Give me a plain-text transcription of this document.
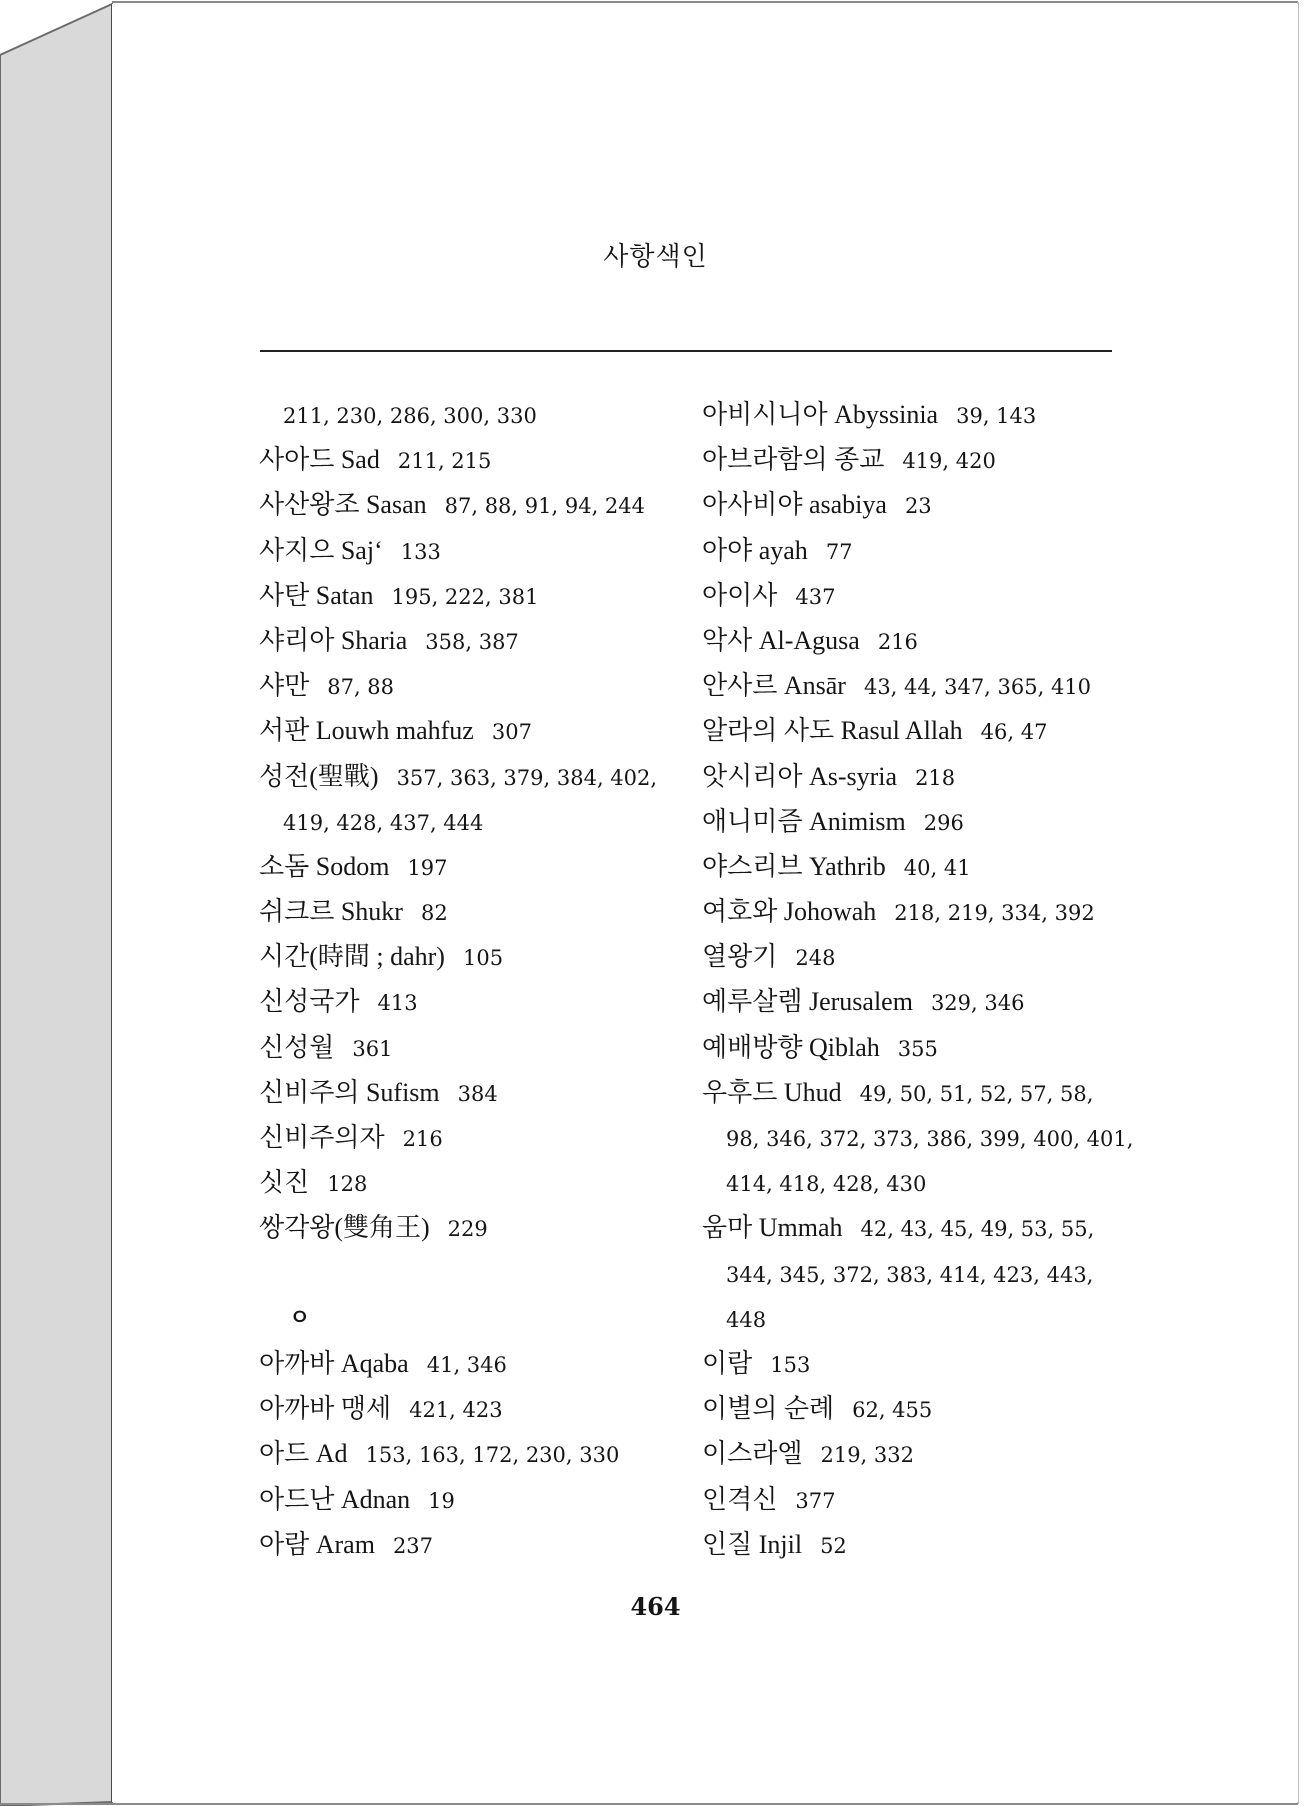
사항색인
211, 230, 286, 300, 330
사아드 Sad 211, 215
사산왕조 Sasan 87, 88, 91, 94, 244
사지으 Saj‘ 133
사탄 Satan 195, 222, 381
샤리아 Sharia 358, 387
샤만 87, 88
서판 Louwh mahfuz 307
성전(聖戰) 357, 363, 379, 384, 402,
419, 428, 437, 444
소돔 Sodom 197
쉬크르 Shukr 82
시간(時間 ; dahr) 105
신성국가 413
신성월 361
신비주의 Sufism 384
신비주의자 216
싯진 128
쌍각왕(雙角王) 229
ㅇ
아까바 Aqaba 41, 346
아까바 맹세 421, 423
아드 Ad 153, 163, 172, 230, 330
아드난 Adnan 19
아람 Aram 237
아비시니아 Abyssinia 39, 143
아브라함의 종교 419, 420
아사비야 asabiya 23
아야 ayah 77
아이사 437
악사 Al-Agusa 216
안사르 Ansār 43, 44, 347, 365, 410
알라의 사도 Rasul Allah 46, 47
앗시리아 As-syria 218
애니미즘 Animism 296
야스리브 Yathrib 40, 41
여호와 Johowah 218, 219, 334, 392
열왕기 248
예루살렘 Jerusalem 329, 346
예배방향 Qiblah 355
우후드 Uhud 49, 50, 51, 52, 57, 58,
98, 346, 372, 373, 386, 399, 400, 401,
414, 418, 428, 430
움마 Ummah 42, 43, 45, 49, 53, 55,
344, 345, 372, 383, 414, 423, 443,
448
이람 153
이별의 순례 62, 455
이스라엘 219, 332
인격신 377
인질 Injil 52
464
